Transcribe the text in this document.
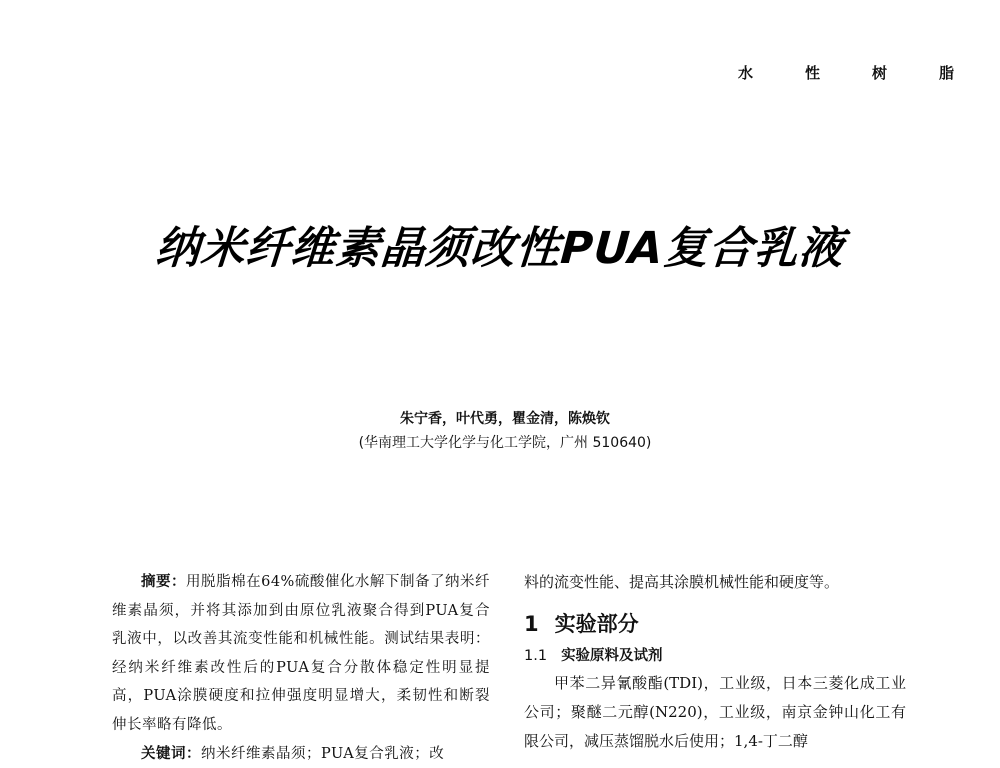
水	性	树	脂
纳米纤维素晶须改性PUA复合乳液
朱宁香，叶代勇，瞿金清，陈焕钦
(华南理工大学化学与化工学院，广州 510640)

摘要：用脱脂棉在64%硫酸催化水解下制备了纳米纤维素晶须，并将其添加到由原位乳液聚合得到PUA复合乳液中，以改善其流变性能和机械性能。测试结果表明：经纳米纤维素改性后的PUA复合分散体稳定性明显提高，PUA涂膜硬度和拉伸强度明显增大，柔韧性和断裂伸长率略有降低。

关键词：纳米纤维素晶须；PUA复合乳液；改

料的流变性能、提高其涂膜机械性能和硬度等。

1 实验部分
1.1 实验原料及试剂

甲苯二异氰酸酯(TDI)，工业级，日本三菱化成工业公司；聚醚二元醇(N220)，工业级，南京金钟山化工有限公司，减压蒸馏脱水后使用；1,4-丁二醇
